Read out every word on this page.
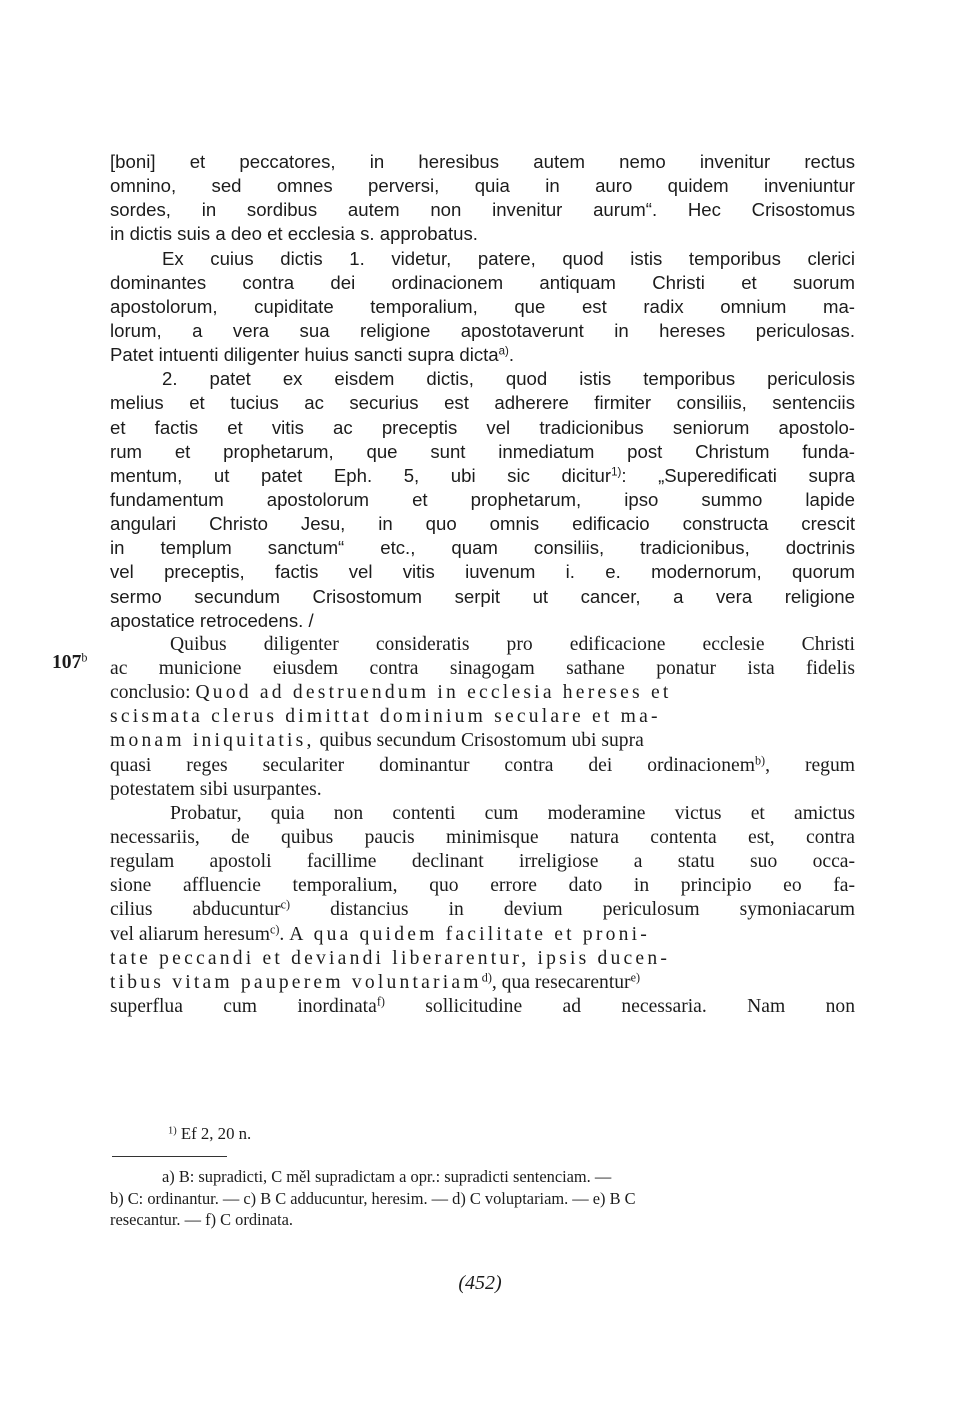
[boni] et peccatores, in heresibus autem nemo invenitur rectus
omnino, sed omnes perversi, quia in auro quidem inveniuntur
sordes, in sordibus autem non invenitur aurum“. Hec Crisostomus
in dictis suis a deo et ecclesia s. approbatus.
Ex cuius dictis 1. videtur, patere, quod istis temporibus clerici
dominantes contra dei ordinacionem antiquam Christi et suorum
apostolorum, cupiditate temporalium, que est radix omnium ma-
lorum, a vera sua religione apostotaverunt in hereses periculosas.
Patet intuenti diligenter huius sancti supra dicta$^{a)}$.
2. patet ex eisdem dictis, quod istis temporibus periculosis
melius et tucius ac securius est adherere firmiter consiliis, sentenciis
et factis et vitis ac preceptis vel tradicionibus seniorum apostolo-
rum et prophetarum, que sunt inmediatum post Christum funda-
mentum, ut patet Eph. 5, ubi sic dicitur$^{1)}$: „Superedificati supra
fundamentum apostolorum et prophetarum, ipso summo lapide
angulari Christo Jesu, in quo omnis edificacio constructa crescit
in templum sanctum“ etc., quam consiliis, tradicionibus, doctrinis
vel preceptis, factis vel vitis iuvenum i. e. modernorum, quorum
sermo secundum Crisostomum serpit ut cancer, a vera religione
apostatice retrocedens. /
Quibus diligenter consideratis pro edificacione ecclesie Christi
ac municione eiusdem contra sinagogam sathane ponatur ista fidelis
conclusio: Quod ad destruendum in ecclesia hereses et
scismata clerus dimittat dominium seculare et ma-
monam iniquitatis, quibus secundum Crisostomum ubi supra
quasi reges seculariter dominantur contra dei ordinacionem$^{b)}$, regum
potestatem sibi usurpantes.
Probatur, quia non contenti cum moderamine victus et amictus
necessariis, de quibus paucis minimisque natura contenta est, contra
regulam apostoli facillime declinant irreligiose a statu suo occa-
sione affluencie temporalium, quo errore dato in principio eo fa-
cilius abducuntur$^{c)}$ distancius in devium periculosum symoniacarum
vel aliarum heresum$^{c)}$. A qua quidem facilitate et proni-
tate peccandi et deviandi liberarentur, ipsis ducen-
tibus vitam pauperem voluntariam$^{d)}$, qua resecarentur$^{e)}$
superflua cum inordinata$^{f)}$ sollicitudine ad necessaria. Nam non
107$^b$
$^{1)}$ Ef 2, 20 n.
a) B: supradicti, C měl supradictam a opr.: supradicti sentenciam. —
b) C: ordinantur. — c) B C adducuntur, heresim. — d) C voluptariam. — e) B C
resecantur. — f) C ordinata.
(452)
